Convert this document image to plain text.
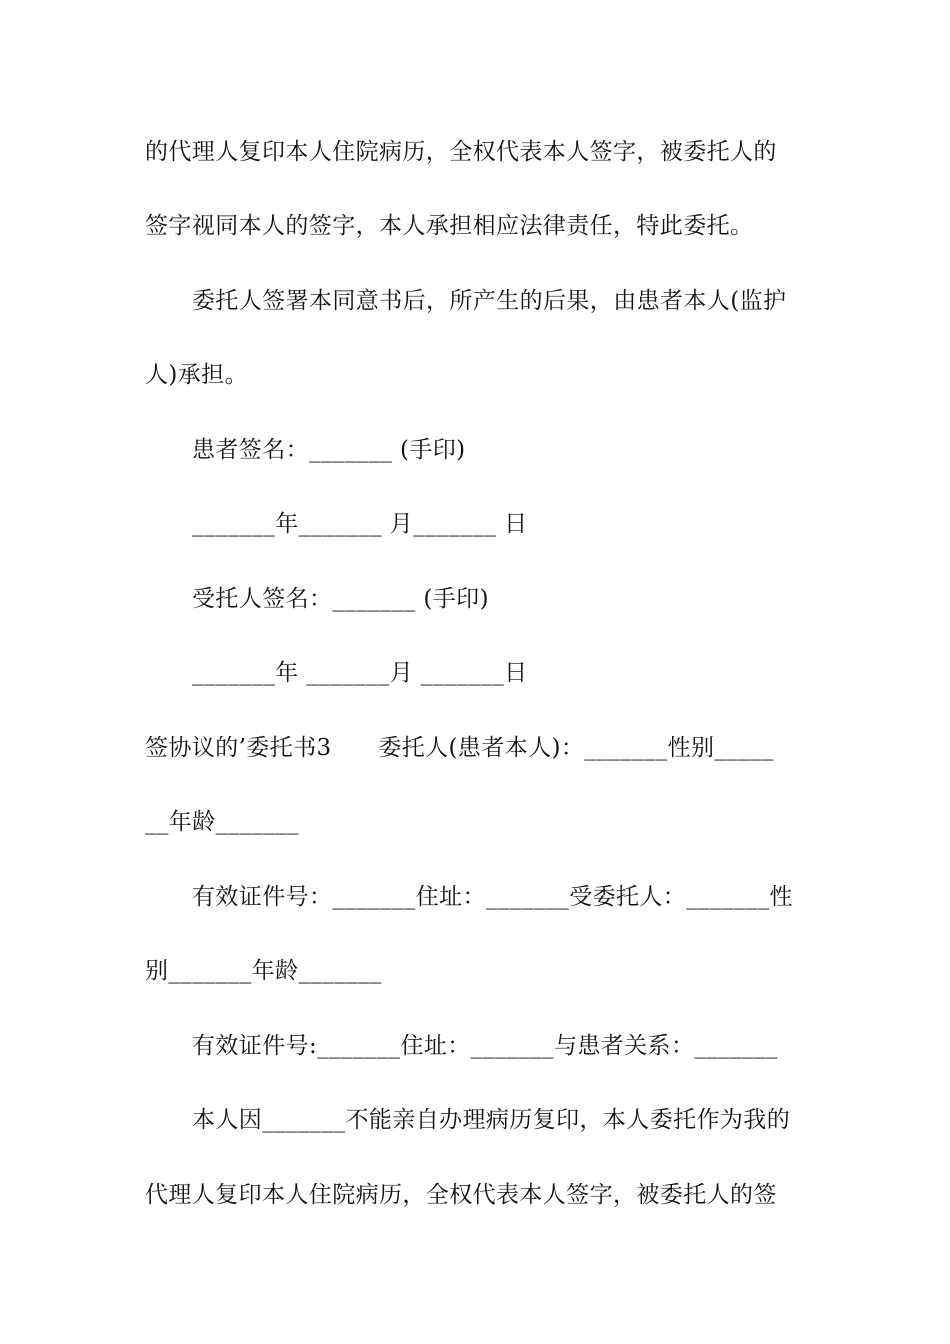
的代理人复印本人住院病历，全权代表本人签字，被委托人的
签字视同本人的签字，本人承担相应法律责任，特此委托。
委托人签署本同意书后，所产生的后果，由患者本人(监护
人)承担。
患者签名：_______ (手印)
_______年_______ 月_______ 日
受托人签名：_______ (手印)
_______年 _______月 _______日
签协议的’委托书3　　委托人(患者本人)：_______性别_____
__年龄_______
有效证件号：_______住址：_______受委托人：_______性
别_______年龄_______
有效证件号:_______住址：_______与患者关系：_______
本人因_______不能亲自办理病历复印，本人委托作为我的
代理人复印本人住院病历，全权代表本人签字，被委托人的签
